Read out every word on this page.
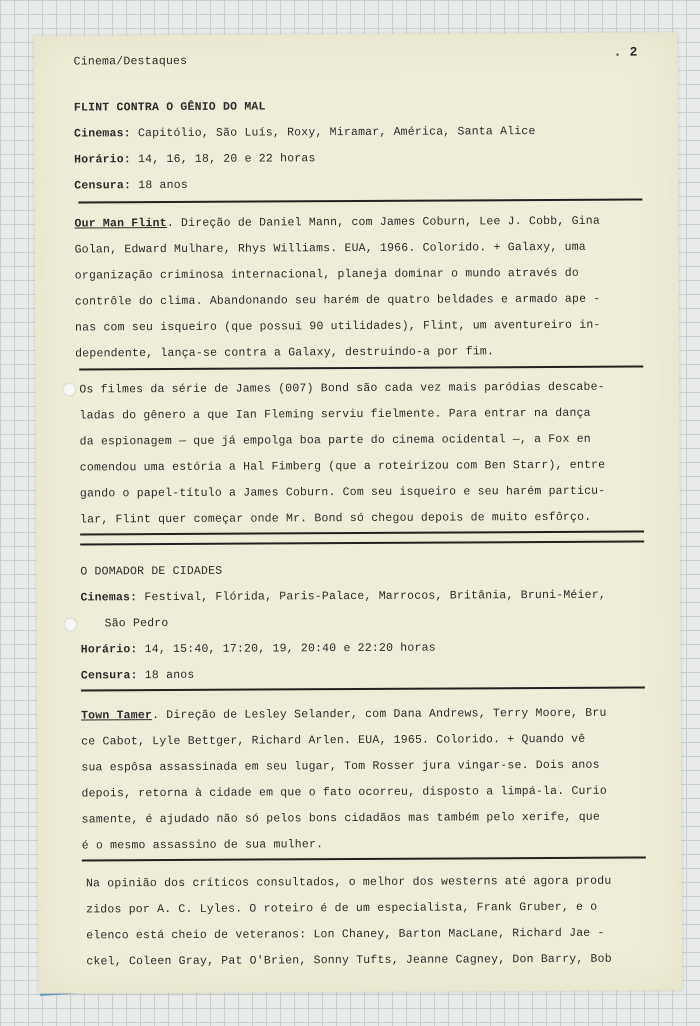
Cinema/Destaques
. 2
FLINT CONTRA O GÊNIO DO MAL
Cinemas: Capitólio, São Luís, Roxy, Miramar, América, Santa Alice
Horário: 14, 16, 18, 20 e 22 horas
Censura: 18 anos
Our Man Flint. Direção de Daniel Mann, com James Coburn, Lee J. Cobb, Gina
Golan, Edward Mulhare, Rhys Williams. EUA, 1966. Colorido. + Galaxy, uma
organização criminosa internacional, planeja dominar o mundo através do
contrôle do clima. Abandonando seu harém de quatro beldades e armado ape -
nas com seu isqueiro (que possui 90 utilidades), Flint, um aventureiro in-
dependente, lança-se contra a Galaxy, destruindo-a por fim.
Os filmes da série de James (007) Bond são cada vez mais paródias descabe-
ladas do gênero a que Ian Fleming serviu fielmente. Para entrar na dança
da espionagem — que já empolga boa parte do cinema ocidental —, a Fox en
comendou uma estória a Hal Fimberg (que a roteirizou com Ben Starr), entre
gando o papel-título a James Coburn. Com seu isqueiro e seu harém particu-
lar, Flint quer começar onde Mr. Bond só chegou depois de muito esfôrço.
O DOMADOR DE CIDADES
Cinemas: Festival, Flórida, Paris-Palace, Marrocos, Britânia, Bruni-Méier,
São Pedro
Horário: 14, 15:40, 17:20, 19, 20:40 e 22:20 horas
Censura: 18 anos
Town Tamer. Direção de Lesley Selander, com Dana Andrews, Terry Moore, Bru
ce Cabot, Lyle Bettger, Richard Arlen. EUA, 1965. Colorido. + Quando vê
sua espôsa assassinada em seu lugar, Tom Rosser jura vingar-se. Dois anos
depois, retorna à cidade em que o fato ocorreu, disposto a limpá-la. Curio
samente, é ajudado não só pelos bons cidadãos mas também pelo xerife, que
é o mesmo assassino de sua mulher.
Na opinião dos críticos consultados, o melhor dos westerns até agora produ
zidos por A. C. Lyles. O roteiro é de um especialista, Frank Gruber, e o
elenco está cheio de veteranos: Lon Chaney, Barton MacLane, Richard Jae -
ckel, Coleen Gray, Pat O'Brien, Sonny Tufts, Jeanne Cagney, Don Barry, Bob
